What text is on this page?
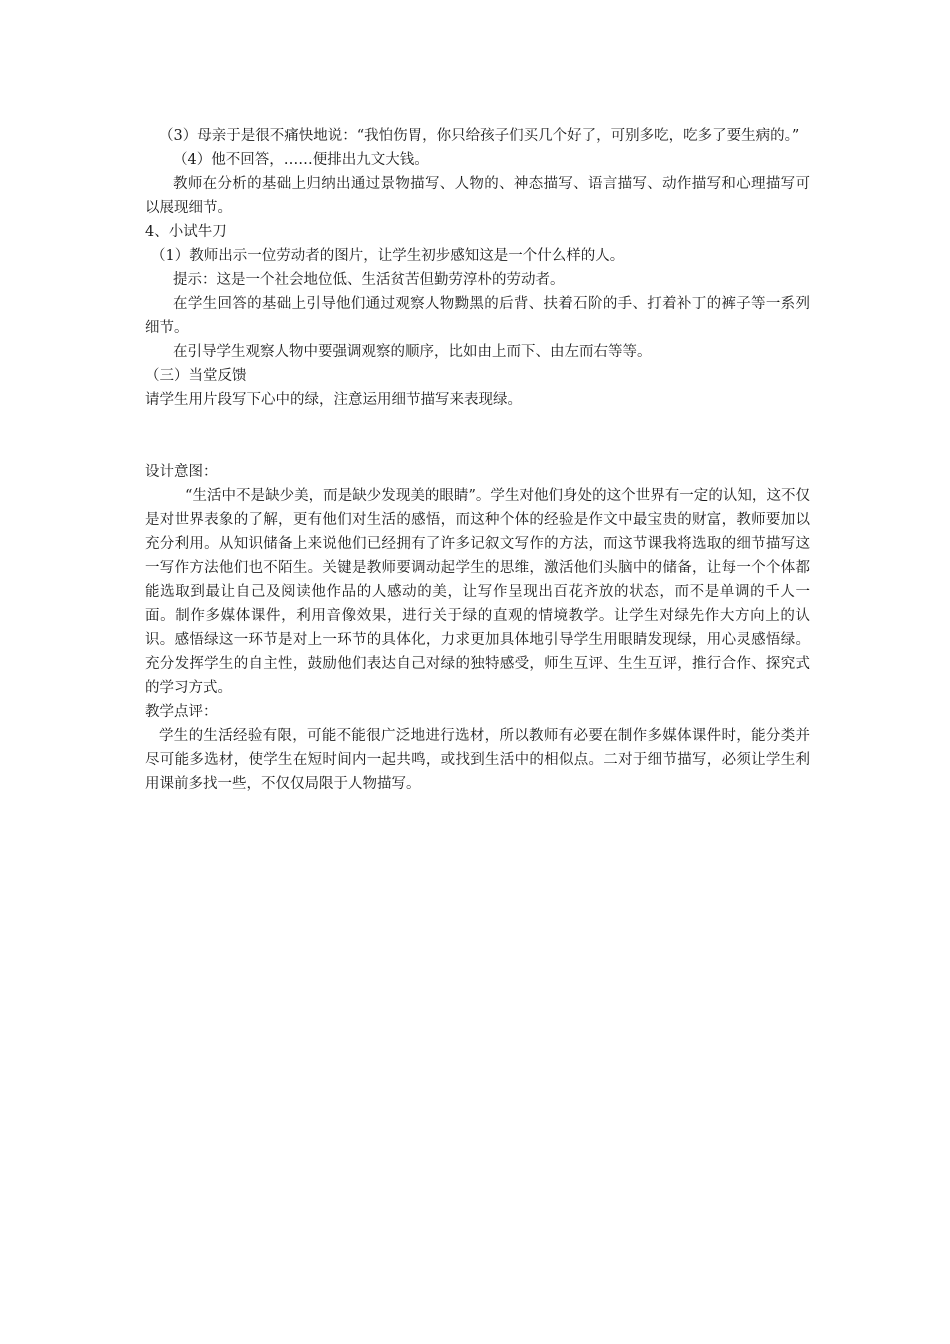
（3）母亲于是很不痛快地说：“我怕伤胃，你只给孩子们买几个好了，可别多吃，吃多了要生病的。”

（4）他不回答，……便排出九文大钱。

教师在分析的基础上归纳出通过景物描写、人物的、神态描写、语言描写、动作描写和心理描写可以展现细节。

4、小试牛刀

（1）教师出示一位劳动者的图片，让学生初步感知这是一个什么样的人。

提示：这是一个社会地位低、生活贫苦但勤劳淳朴的劳动者。

在学生回答的基础上引导他们通过观察人物黝黑的后背、扶着石阶的手、打着补丁的裤子等一系列细节。

在引导学生观察人物中要强调观察的顺序，比如由上而下、由左而右等等。

（三）当堂反馈

请学生用片段写下心中的绿，注意运用细节描写来表现绿。

设计意图：

“生活中不是缺少美，而是缺少发现美的眼睛”。学生对他们身处的这个世界有一定的认知，这不仅是对世界表象的了解，更有他们对生活的感悟，而这种个体的经验是作文中最宝贵的财富，教师要加以充分利用。从知识储备上来说他们已经拥有了许多记叙文写作的方法，而这节课我将选取的细节描写这一写作方法他们也不陌生。关键是教师要调动起学生的思维，激活他们头脑中的储备，让每一个个体都能选取到最让自己及阅读他作品的人感动的美，让写作呈现出百花齐放的状态，而不是单调的千人一面。制作多媒体课件，利用音像效果，进行关于绿的直观的情境教学。让学生对绿先作大方向上的认识。感悟绿这一环节是对上一环节的具体化，力求更加具体地引导学生用眼睛发现绿，用心灵感悟绿。充分发挥学生的自主性，鼓励他们表达自己对绿的独特感受，师生互评、生生互评，推行合作、探究式的学习方式。

教学点评：

学生的生活经验有限，可能不能很广泛地进行选材，所以教师有必要在制作多媒体课件时，能分类并尽可能多选材，使学生在短时间内一起共鸣，或找到生活中的相似点。二对于细节描写，必须让学生利用课前多找一些，不仅仅局限于人物描写。
